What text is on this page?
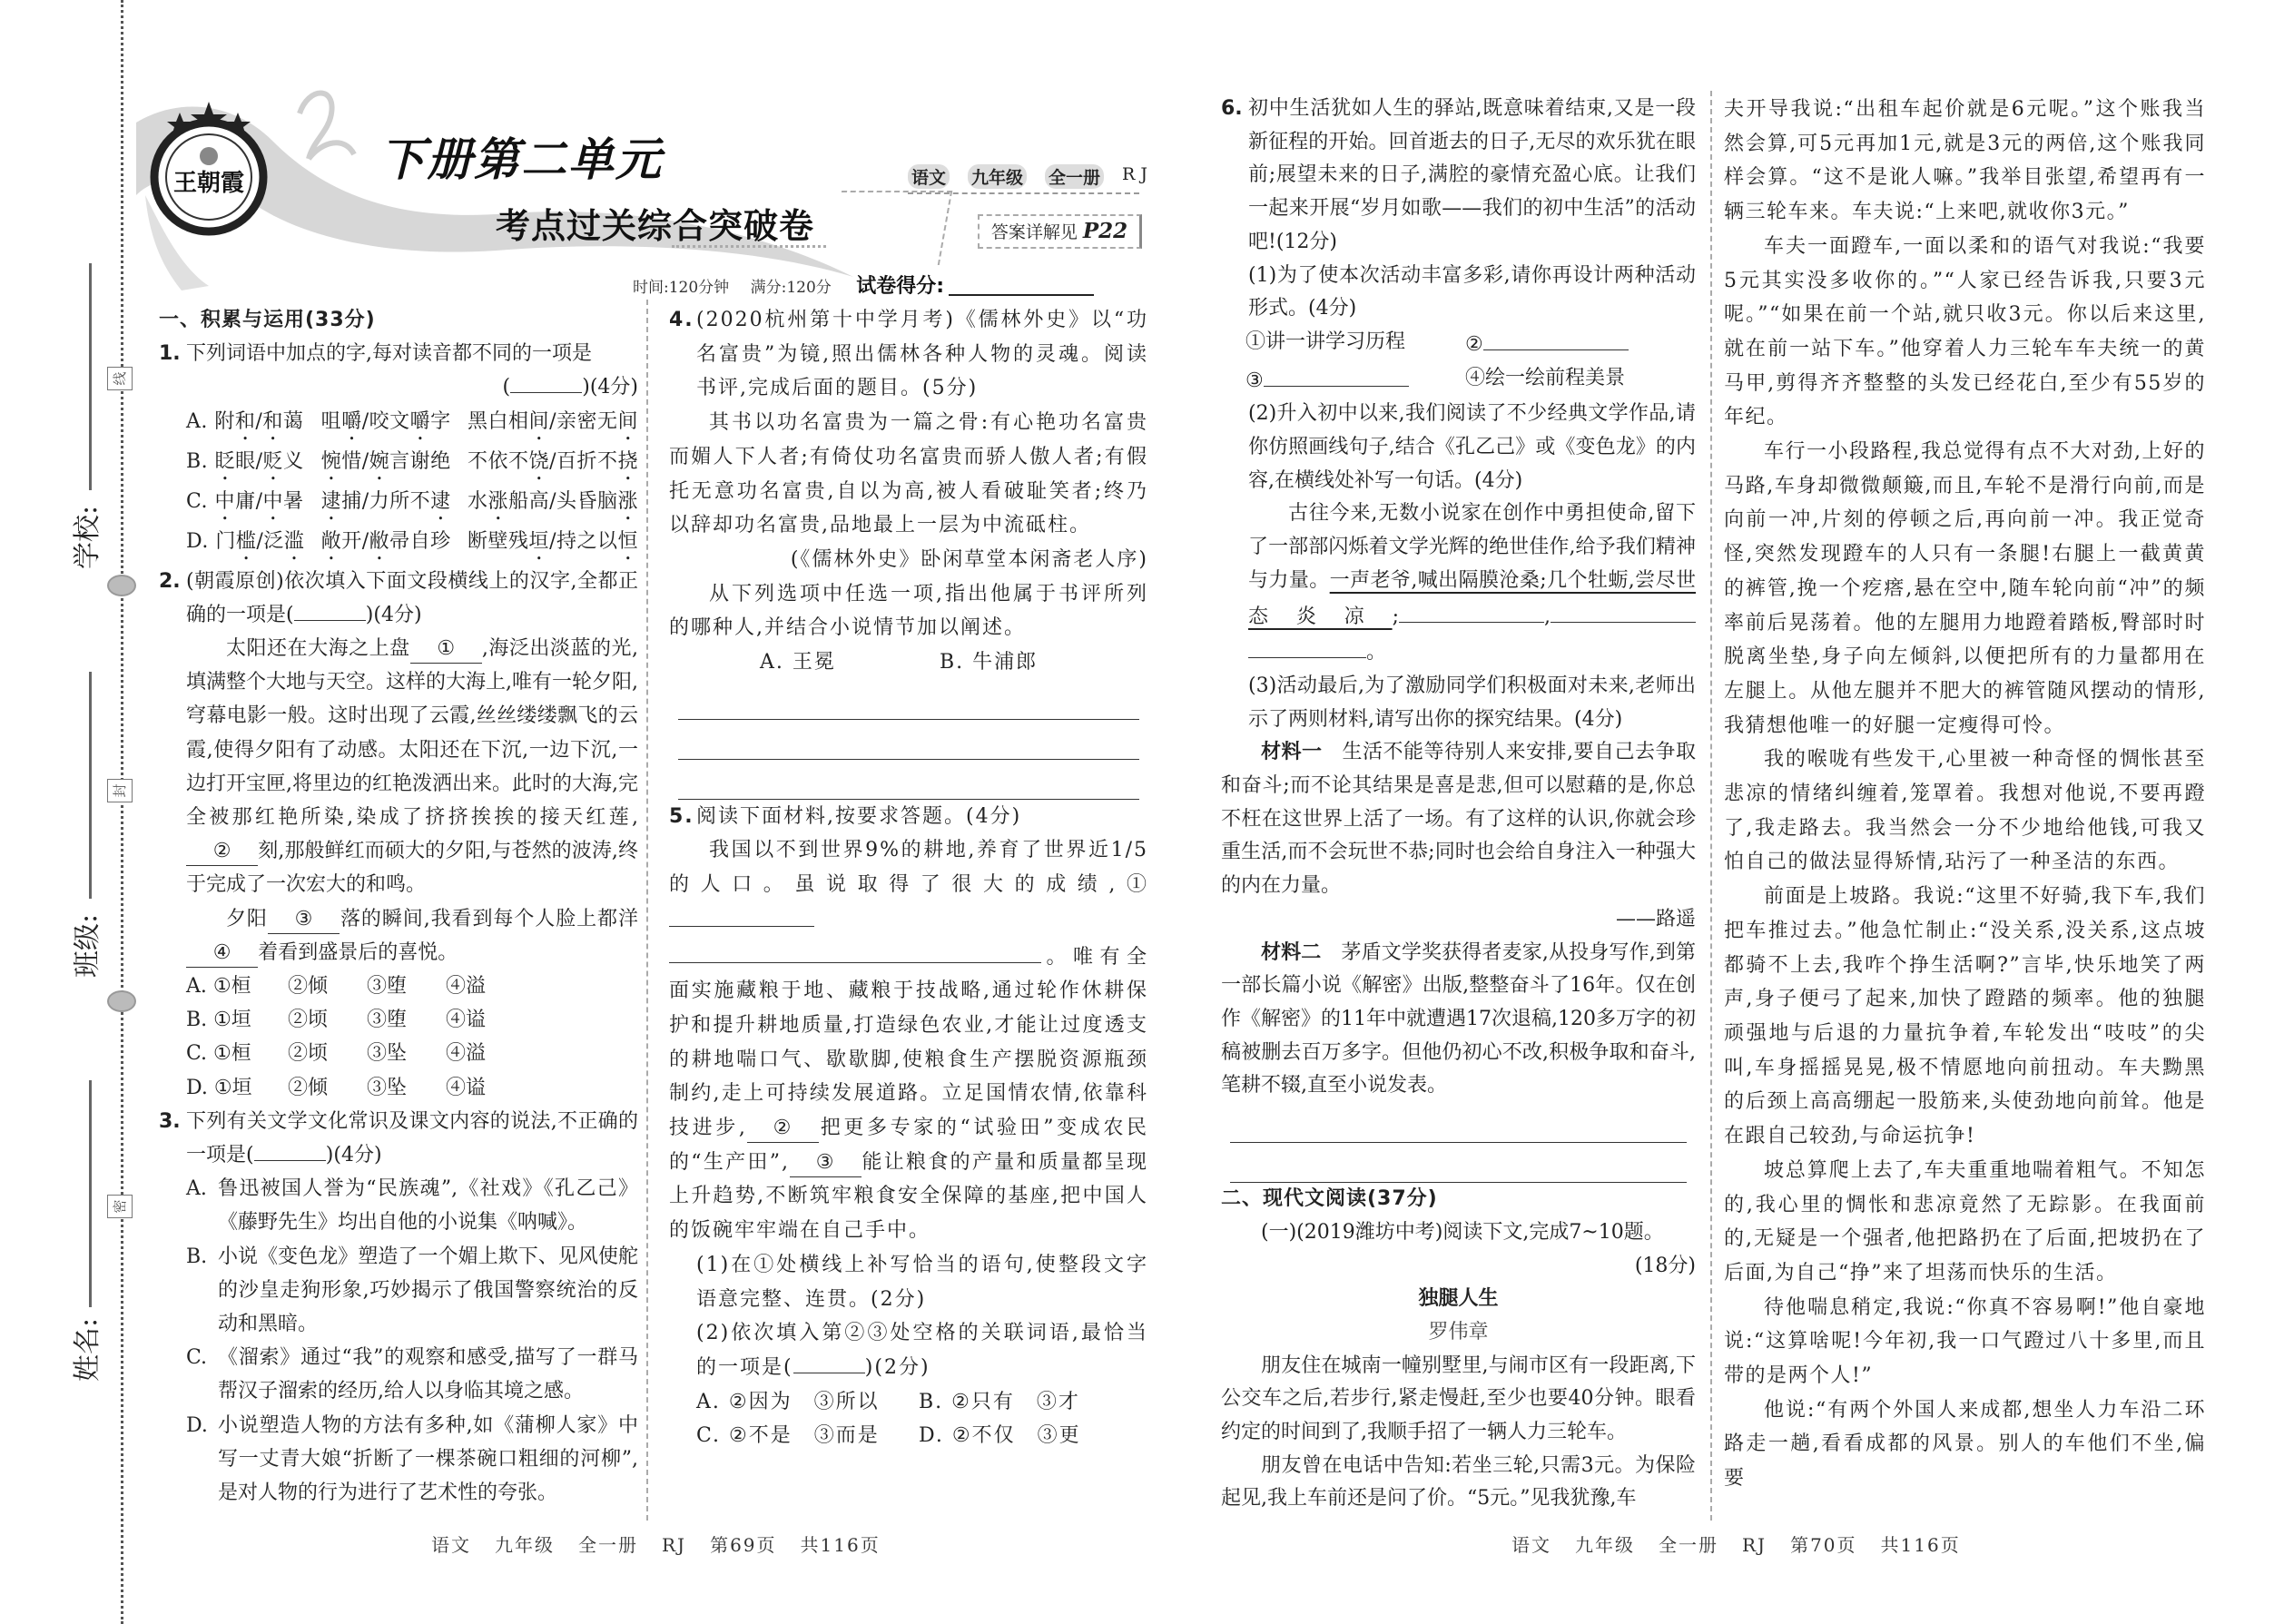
学校:
班级:
姓名:
线
封
密
王朝霞	下册第二单元
考点过关综合突破卷
语文 九年级 全一册 RJ
答案详解见 P22
时间:120分钟 满分:120分 试卷得分:
一、积累与运用(33分)
1. 下列词语中加点的字,每对读音都不同的一项是
(	)(4分)
A. 附和/和蔼 咀嚼/咬文嚼字 黑白相间/亲密无间
B. 眨眼/贬义 惋惜/婉言谢绝 不依不饶/百折不挠
C. 中庸/中暑 逮捕/力所不逮 水涨船高/头昏脑涨
D. 门槛/泛滥 敞开/敝帚自珍 断壁残垣/持之以恒
2. (朝霞原创)依次填入下面文段横线上的汉字,全都正确的一项是(	)(4分)
太阳还在大海之上盘 ① ,海泛出淡蓝的光,填满整个大地与天空。这样的大海上,唯有一轮夕阳,穹幕电影一般。这时出现了云霞,丝丝缕缕飘飞的云霞,使得夕阳有了动感。太阳还在下沉,一边下沉,一边打开宝匣,将里边的红艳泼洒出来。此时的大海,完全被那红艳所染,染成了挤挤挨挨的接天红莲,② 刻,那般鲜红而硕大的夕阳,与苍然的波涛,终于完成了一次宏大的和鸣。
夕阳 ③ 落的瞬间,我看到每个人脸上都洋④ 着看到盛景后的喜悦。
A. ①桓	②倾	③堕	④溢
B. ①垣	②顷	③堕	④谥
C. ①桓	②顷	③坠	④溢
D. ①垣	②倾	③坠	④谥
3. 下列有关文学文化常识及课文内容的说法,不正确的一项是(	)(4分)
A. 鲁迅被国人誉为“民族魂”,《社戏》《孔乙己》《藤野先生》均出自他的小说集《呐喊》。
B. 小说《变色龙》塑造了一个媚上欺下、见风使舵的沙皇走狗形象,巧妙揭示了俄国警察统治的反动和黑暗。
C. 《溜索》通过“我”的观察和感受,描写了一群马帮汉子溜索的经历,给人以身临其境之感。
D. 小说塑造人物的方法有多种,如《蒲柳人家》中写一丈青大娘“折断了一棵茶碗口粗细的河柳”,是对人物的行为进行了艺术性的夸张。
4. (2020杭州第十中学月考)《儒林外史》以“功名富贵”为镜,照出儒林各种人物的灵魂。阅读书评,完成后面的题目。(5分)
其书以功名富贵为一篇之骨:有心艳功名富贵而媚人下人者;有倚仗功名富贵而骄人傲人者;有假托无意功名富贵,自以为高,被人看破耻笑者;终乃以辞却功名富贵,品地最上一层为中流砥柱。
(《儒林外史》卧闲草堂本闲斋老人序)
从下列选项中任选一项,指出他属于书评所列的哪种人,并结合小说情节加以阐述。
A. 王冕	B. 牛浦郎
5. 阅读下面材料,按要求答题。(4分)
我国以不到世界9%的耕地,养育了世界近1/5的人口。虽说取得了很大的成绩,①。唯有全面实施藏粮于地、藏粮于技战略,通过轮作休耕保护和提升耕地质量,打造绿色农业,才能让过度透支的耕地喘口气、歇歇脚,使粮食生产摆脱资源瓶颈制约,走上可持续发展道路。立足国情农情,依靠科技进步, ② 把更多专家的“试验田”变成农民的“生产田”, ③ 能让粮食的产量和质量都呈现上升趋势,不断筑牢粮食安全保障的基座,把中国人的饭碗牢牢端在自己手中。
(1)在①处横线上补写恰当的语句,使整段文字语意完整、连贯。(2分)
(2)依次填入第②③处空格的关联词语,最恰当的一项是(	)(2分)
A. ②因为　③所以	B. ②只有　③才
C. ②不是　③而是	D. ②不仅　③更
6. 初中生活犹如人生的驿站,既意味着结束,又是一段新征程的开始。回首逝去的日子,无尽的欢乐犹在眼前;展望未来的日子,满腔的豪情充盈心底。让我们一起来开展“岁月如歌——我们的初中生活”的活动吧!(12分)
(1)为了使本次活动丰富多彩,请你再设计两种活动形式。(4分)
①讲一讲学习历程	②
③	④绘一绘前程美景
(2)升入初中以来,我们阅读了不少经典文学作品,请你仿照画线句子,结合《孔乙己》或《变色龙》的内容,在横线处补写一句话。(4分)
古往今来,无数小说家在创作中勇担使命,留下了一部部闪烁着文学光辉的绝世佳作,给予我们精神与力量。一声老爷,喊出隔膜沧桑;几个牡蛎,尝尽世态炎凉;	,。
(3)活动最后,为了激励同学们积极面对未来,老师出示了两则材料,请写出你的探究结果。(4分)
材料一 生活不能等待别人来安排,要自己去争取和奋斗;而不论其结果是喜是悲,但可以慰藉的是,你总不枉在这世界上活了一场。有了这样的认识,你就会珍重生活,而不会玩世不恭;同时也会给自身注入一种强大的内在力量。
——路遥
材料二 茅盾文学奖获得者麦家,从投身写作,到第一部长篇小说《解密》出版,整整奋斗了16年。仅在创作《解密》的11年中就遭遇17次退稿,120多万字的初稿被删去百万多字。但他仍初心不改,积极争取和奋斗,笔耕不辍,直至小说发表。
二、现代文阅读(37分)
(一)(2019潍坊中考)阅读下文,完成7~10题。
(18分)
独腿人生
罗伟章
朋友住在城南一幢别墅里,与闹市区有一段距离,下公交车之后,若步行,紧走慢赶,至少也要40分钟。眼看约定的时间到了,我顺手招了一辆人力三轮车。
朋友曾在电话中告知:若坐三轮,只需3元。为保险起见,我上车前还是问了价。“5元。”见我犹豫,车
夫开导我说:“出租车起价就是6元呢。”这个账我当然会算,可5元再加1元,就是3元的两倍,这个账我同样会算。“这不是讹人嘛。”我举目张望,希望再有一辆三轮车来。车夫说:“上来吧,就收你3元。”
车夫一面蹬车,一面以柔和的语气对我说:“我要5元其实没多收你的。”“人家已经告诉我,只要3元呢。”“如果在前一个站,就只收3元。你以后来这里,就在前一站下车。”他穿着人力三轮车车夫统一的黄马甲,剪得齐齐整整的头发已经花白,至少有55岁的年纪。
车行一小段路程,我总觉得有点不大对劲,上好的马路,车身却微微颠簸,而且,车轮不是滑行向前,而是向前一冲,片刻的停顿之后,再向前一冲。我正觉奇怪,突然发现蹬车的人只有一条腿!右腿上一截黄黄的裤管,挽一个疙瘩,悬在空中,随车轮向前“冲”的频率前后晃荡着。他的左腿用力地蹬着踏板,臀部时时脱离坐垫,身子向左倾斜,以便把所有的力量都用在左腿上。从他左腿并不肥大的裤管随风摆动的情形,我猜想他唯一的好腿一定瘦得可怜。
我的喉咙有些发干,心里被一种奇怪的惆怅甚至悲凉的情绪纠缠着,笼罩着。我想对他说,不要再蹬了,我走路去。我当然会一分不少地给他钱,可我又怕自己的做法显得矫情,玷污了一种圣洁的东西。
前面是上坡路。我说:“这里不好骑,我下车,我们把车推过去。”他急忙制止:“没关系,没关系,这点坡都骑不上去,我咋个挣生活啊?”言毕,快乐地笑了两声,身子便弓了起来,加快了蹬踏的频率。他的独腿顽强地与后退的力量抗争着,车轮发出“吱吱”的尖叫,车身摇摇晃晃,极不情愿地向前扭动。车夫黝黑的后颈上高高绷起一股筋来,头使劲地向前耸。他是在跟自己较劲,与命运抗争!
坡总算爬上去了,车夫重重地喘着粗气。不知怎的,我心里的惆怅和悲凉竟然了无踪影。在我面前的,无疑是一个强者,他把路扔在了后面,把坡扔在了后面,为自己“挣”来了坦荡而快乐的生活。
待他喘息稍定,我说:“你真不容易啊!”他自豪地说:“这算啥呢!今年初,我一口气蹬过八十多里,而且带的是两个人!”
他说:“有两个外国人来成都,想坐人力车沿二环路走一趟,看看成都的风景。别人的车他们不坐,偏要
语文 九年级 全一册 RJ 第69页 共116页	语文 九年级 全一册 RJ 第70页 共116页
